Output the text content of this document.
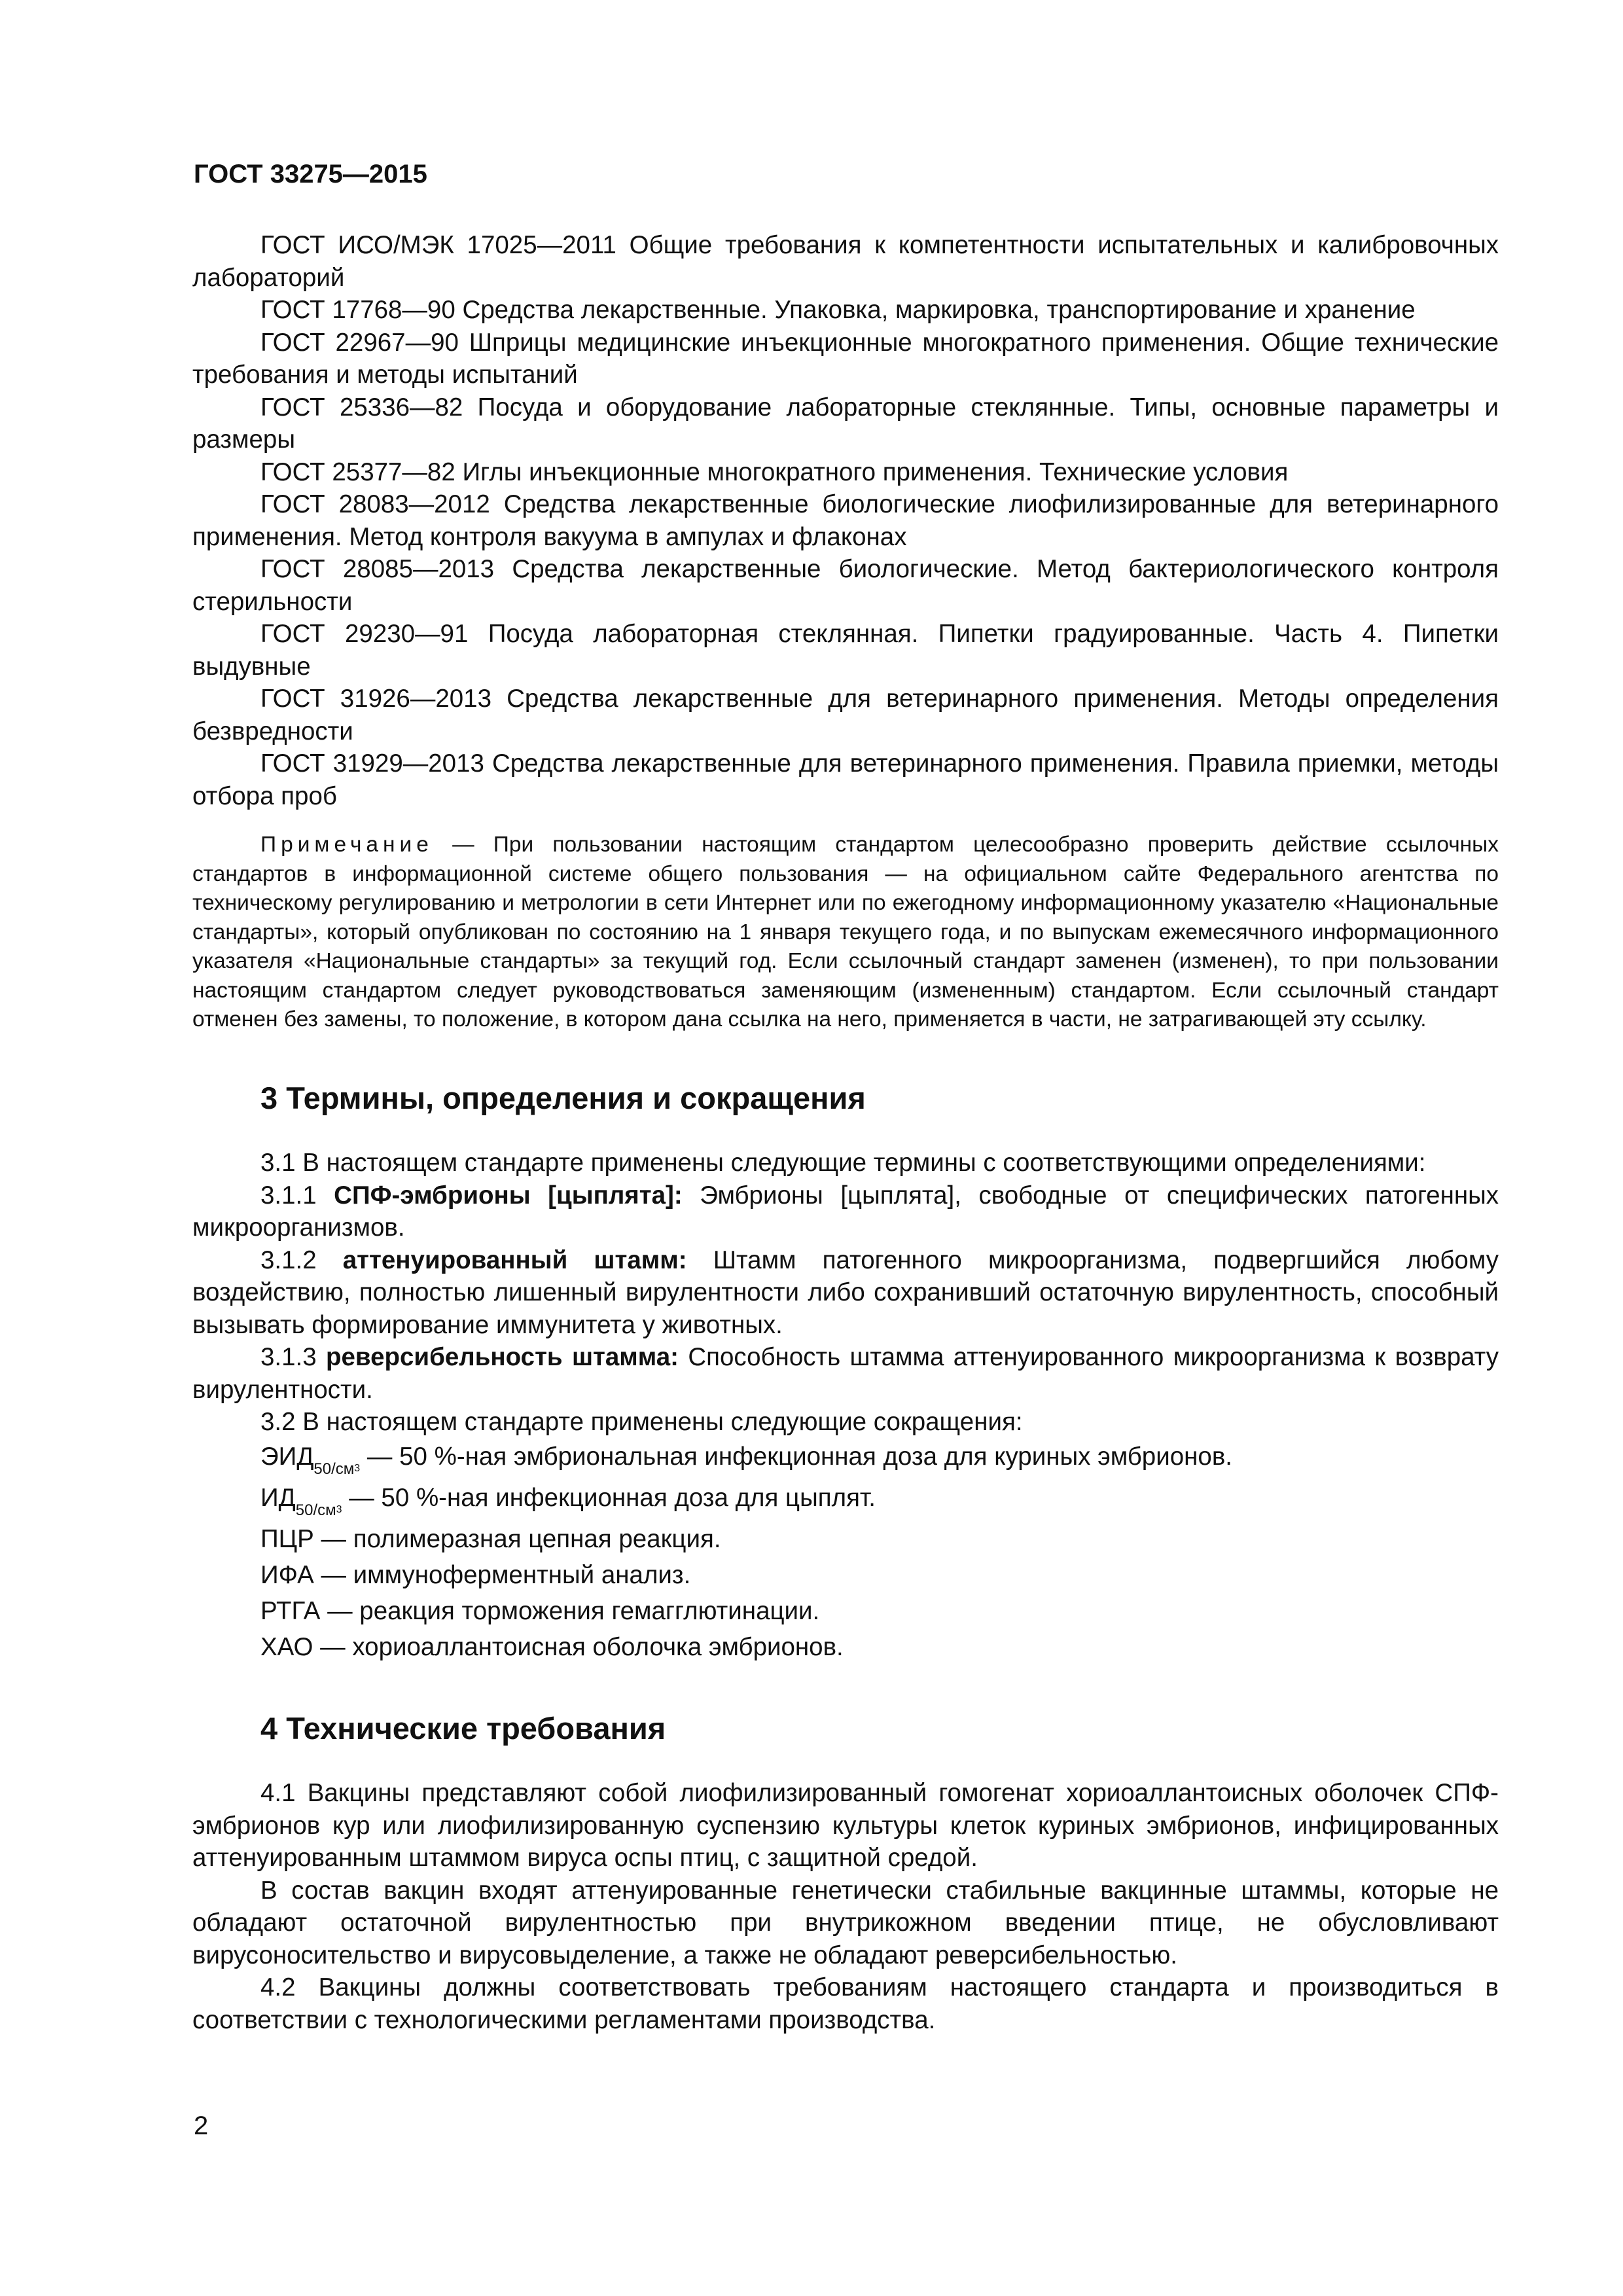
ГОСТ 33275—2015

ГОСТ ИСО/МЭК 17025—2011 Общие требования к компетентности испытательных и калибровочных лабораторий

ГОСТ 17768—90 Средства лекарственные. Упаковка, маркировка, транспортирование и хранение

ГОСТ 22967—90 Шприцы медицинские инъекционные многократного применения. Общие технические требования и методы испытаний

ГОСТ 25336—82 Посуда и оборудование лабораторные стеклянные. Типы, основные параметры и размеры

ГОСТ 25377—82 Иглы инъекционные многократного применения. Технические условия

ГОСТ 28083—2012 Средства лекарственные биологические лиофилизированные для ветеринарного применения. Метод контроля вакуума в ампулах и флаконах

ГОСТ 28085—2013 Средства лекарственные биологические. Метод бактериологического контроля стерильности

ГОСТ 29230—91 Посуда лабораторная стеклянная. Пипетки градуированные. Часть 4. Пипетки выдувные

ГОСТ 31926—2013 Средства лекарственные для ветеринарного применения. Методы определения безвредности

ГОСТ 31929—2013 Средства лекарственные для ветеринарного применения. Правила приемки, методы отбора проб

Примечание — При пользовании настоящим стандартом целесообразно проверить действие ссылочных стандартов в информационной системе общего пользования — на официальном сайте Федерального агентства по техническому регулированию и метрологии в сети Интернет или по ежегодному информационному указателю «Национальные стандарты», который опубликован по состоянию на 1 января текущего года, и по выпускам ежемесячного информационного указателя «Национальные стандарты» за текущий год. Если ссылочный стандарт заменен (изменен), то при пользовании настоящим стандартом следует руководствоваться заменяющим (измененным) стандартом. Если ссылочный стандарт отменен без замены, то положение, в котором дана ссылка на него, применяется в части, не затрагивающей эту ссылку.

3 Термины, определения и сокращения

3.1 В настоящем стандарте применены следующие термины с соответствующими определениями:

3.1.1 СПФ-эмбрионы [цыплята]: Эмбрионы [цыплята], свободные от специфических патогенных микроорганизмов.

3.1.2 аттенуированный штамм: Штамм патогенного микроорганизма, подвергшийся любому воздействию, полностью лишенный вирулентности либо сохранивший остаточную вирулентность, способный вызывать формирование иммунитета у животных.

3.1.3 реверсибельность штамма: Способность штамма аттенуированного микроорганизма к возврату вирулентности.

3.2 В настоящем стандарте применены следующие сокращения:

$ЭИД_{50/см3}$ — 50 %-ная эмбриональная инфекционная доза для куриных эмбрионов.

$ИД_{50/см3}$ — 50 %-ная инфекционная доза для цыплят.

ПЦР — полимеразная цепная реакция.

ИФА — иммуноферментный анализ.

РТГА — реакция торможения гемагглютинации.

ХАО — хориоаллантоисная оболочка эмбрионов.

4 Технические требования

4.1 Вакцины представляют собой лиофилизированный гомогенат хориоаллантоисных оболочек СПФ-эмбрионов кур или лиофилизированную суспензию культуры клеток куриных эмбрионов, инфицированных аттенуированным штаммом вируса оспы птиц, с защитной средой.

В состав вакцин входят аттенуированные генетически стабильные вакцинные штаммы, которые не обладают остаточной вирулентностью при внутрикожном введении птице, не обусловливают вирусоносительство и вирусовыделение, а также не обладают реверсибельностью.

4.2 Вакцины должны соответствовать требованиям настоящего стандарта и производиться в соответствии с технологическими регламентами производства.

2
